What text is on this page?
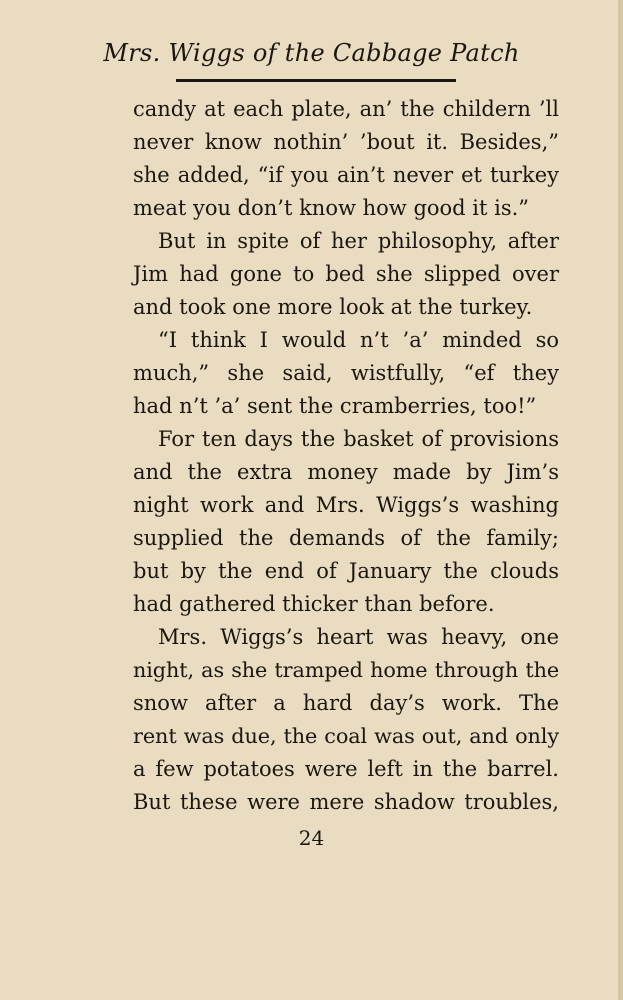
Mrs. Wiggs of the Cabbage Patch
candy at each plate, an’ the childern ’ll
never know nothin’ ’bout it. Besides,”
she added, “if you ain’t never et turkey
meat you don’t know how good it is.”
But in spite of her philosophy, after
Jim had gone to bed she slipped over
and took one more look at the turkey.
“I think I would n’t ’a’ minded so
much,” she said, wistfully, “ef they
had n’t ’a’ sent the cramberries, too!”
For ten days the basket of provisions
and the extra money made by Jim’s
night work and Mrs. Wiggs’s washing
supplied the demands of the family;
but by the end of January the clouds
had gathered thicker than before.
Mrs. Wiggs’s heart was heavy, one
night, as she tramped home through the
snow after a hard day’s work. The
rent was due, the coal was out, and only
a few potatoes were left in the barrel.
But these were mere shadow troubles,
24
